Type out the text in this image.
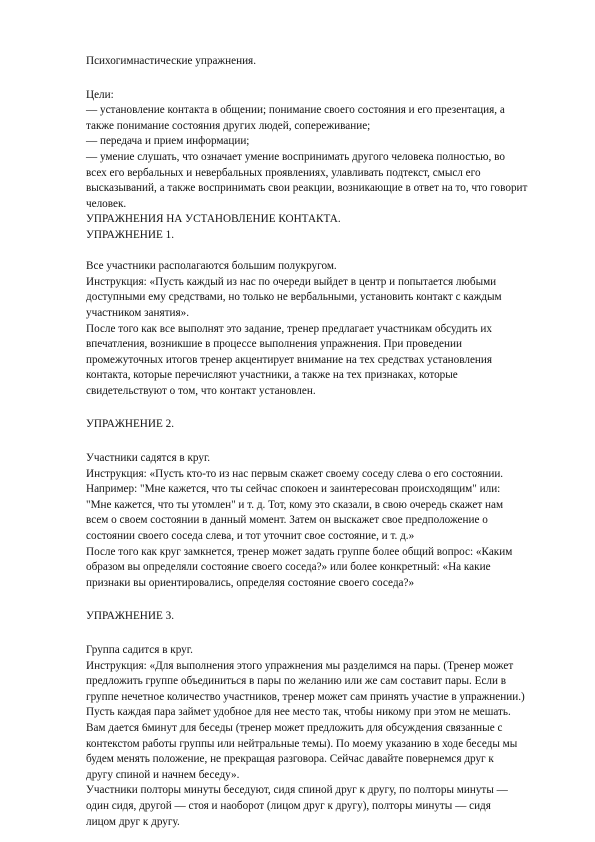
Психогимнастические упражнения.
Цели:
— установление контакта в общении; понимание своего состояния и его презентация, а
также понимание состояния других людей, сопереживание;
— передача и прием информации;
— умение слушать, что означает умение воспринимать другого человека полностью, во
всех его вербальных и невербальных проявлениях, улавливать подтекст, смысл его
высказываний, а также воспринимать свои реакции, возникающие в ответ на то, что говорит
человек.
УПРАЖНЕНИЯ НА УСТАНОВЛЕНИЕ КОНТАКТА.
УПРАЖНЕНИЕ 1.
Все участники располагаются большим полукругом.
Инструкция: «Пусть каждый из нас по очереди выйдет в центр и попытается любыми
доступными ему средствами, но только не вербальными, установить контакт с каждым
участником занятия».
После того как все выполнят это задание, тренер предлагает участникам обсудить их
впечатления, возникшие в процессе выполнения упражнения. При проведении
промежуточных итогов тренер акцентирует внимание на тех средствах установления
контакта, которые перечисляют участники, а также на тех признаках, которые
свидетельствуют о том, что контакт установлен.
УПРАЖНЕНИЕ 2.
Участники садятся в круг.
Инструкция: «Пусть кто-то из нас первым скажет своему соседу слева о его состоянии.
Например: "Мне кажется, что ты сейчас спокоен и заинтересован происходящим" или:
"Мне кажется, что ты утомлен" и т. д. Тот, кому это сказали, в свою очередь скажет нам
всем о своем состоянии в данный момент. Затем он выскажет свое предположение о
состоянии своего соседа слева, и тот уточнит свое состояние, и т. д.»
После того как круг замкнется, тренер может задать группе более общий вопрос: «Каким
образом вы определяли состояние своего соседа?» или более конкретный: «На какие
признаки вы ориентировались, определяя состояние своего соседа?»
УПРАЖНЕНИЕ 3.
Группа садится в круг.
Инструкция: «Для выполнения этого упражнения мы разделимся на пары. (Тренер может
предложить группе объединиться в пары по желанию или же сам составит пары. Если в
группе нечетное количество участников, тренер может сам принять участие в упражнении.)
Пусть каждая пара займет удобное для нее место так, чтобы никому при этом не мешать.
Вам дается 6минут для беседы (тренер может предложить для обсуждения связанные с
контекстом работы группы или нейтральные темы). По моему указанию в ходе беседы мы
будем менять положение, не прекращая разговора. Сейчас давайте повернемся друг к
другу спиной и начнем беседу».
Участники полторы минуты беседуют, сидя спиной друг к другу, по полторы минуты —
один сидя, другой — стоя и наоборот (лицом друг к другу), полторы минуты — сидя
лицом друг к другу.
